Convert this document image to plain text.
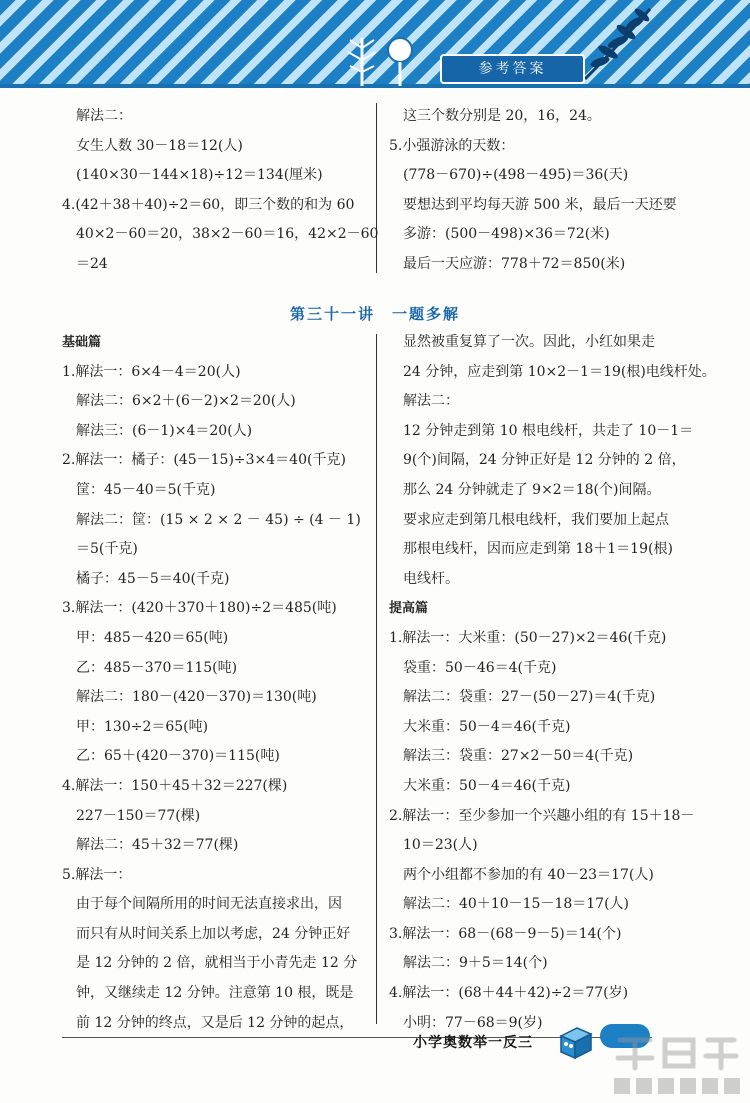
参考答案
解法二：
女生人数 30－18＝12(人)
(140×30－144×18)÷12＝134(厘米)
4.(42＋38＋40)÷2＝60，即三个数的和为 60
40×2－60＝20，38×2－60＝16，42×2－60
＝24
这三个数分别是 20，16，24。
5.小强游泳的天数：
(778－670)÷(498－495)＝36(天)
要想达到平均每天游 500 米，最后一天还要
多游：(500－498)×36＝72(米)
最后一天应游：778＋72＝850(米)
第三十一讲　一题多解
基础篇
1.解法一：6×4－4＝20(人)
解法二：6×2＋(6－2)×2＝20(人)
解法三：(6－1)×4＝20(人)
2.解法一：橘子：(45－15)÷3×4＝40(千克)
筐：45－40＝5(千克)
解法二：筐：(15 × 2 × 2 － 45) ÷ (4 － 1)
＝5(千克)
橘子：45－5＝40(千克)
3.解法一：(420＋370＋180)÷2＝485(吨)
甲：485－420＝65(吨)
乙：485－370＝115(吨)
解法二：180－(420－370)＝130(吨)
甲：130÷2＝65(吨)
乙：65＋(420－370)＝115(吨)
4.解法一：150＋45＋32＝227(棵)
227－150＝77(棵)
解法二：45＋32＝77(棵)
5.解法一：
由于每个间隔所用的时间无法直接求出，因
而只有从时间关系上加以考虑，24 分钟正好
是 12 分钟的 2 倍，就相当于小青先走 12 分
钟，又继续走 12 分钟。注意第 10 根，既是
前 12 分钟的终点，又是后 12 分钟的起点，
显然被重复算了一次。因此，小红如果走
24 分钟，应走到第 10×2－1＝19(根)电线杆处。
解法二：
12 分钟走到第 10 根电线杆，共走了 10－1＝
9(个)间隔，24 分钟正好是 12 分钟的 2 倍，
那么 24 分钟就走了 9×2＝18(个)间隔。
要求应走到第几根电线杆，我们要加上起点
那根电线杆，因而应走到第 18＋1＝19(根)
电线杆。
提高篇
1.解法一：大米重：(50－27)×2＝46(千克)
袋重：50－46＝4(千克)
解法二：袋重：27－(50－27)＝4(千克)
大米重：50－4＝46(千克)
解法三：袋重：27×2－50＝4(千克)
大米重：50－4＝46(千克)
2.解法一：至少参加一个兴趣小组的有 15＋18－
10＝23(人)
两个小组都不参加的有 40－23＝17(人)
解法二：40＋10－15－18＝17(人)
3.解法一：68－(68－9－5)＝14(个)
解法二：9＋5＝14(个)
4.解法一：(68＋44＋42)÷2＝77(岁)
小明：77－68＝9(岁)
小学奥数举一反三
